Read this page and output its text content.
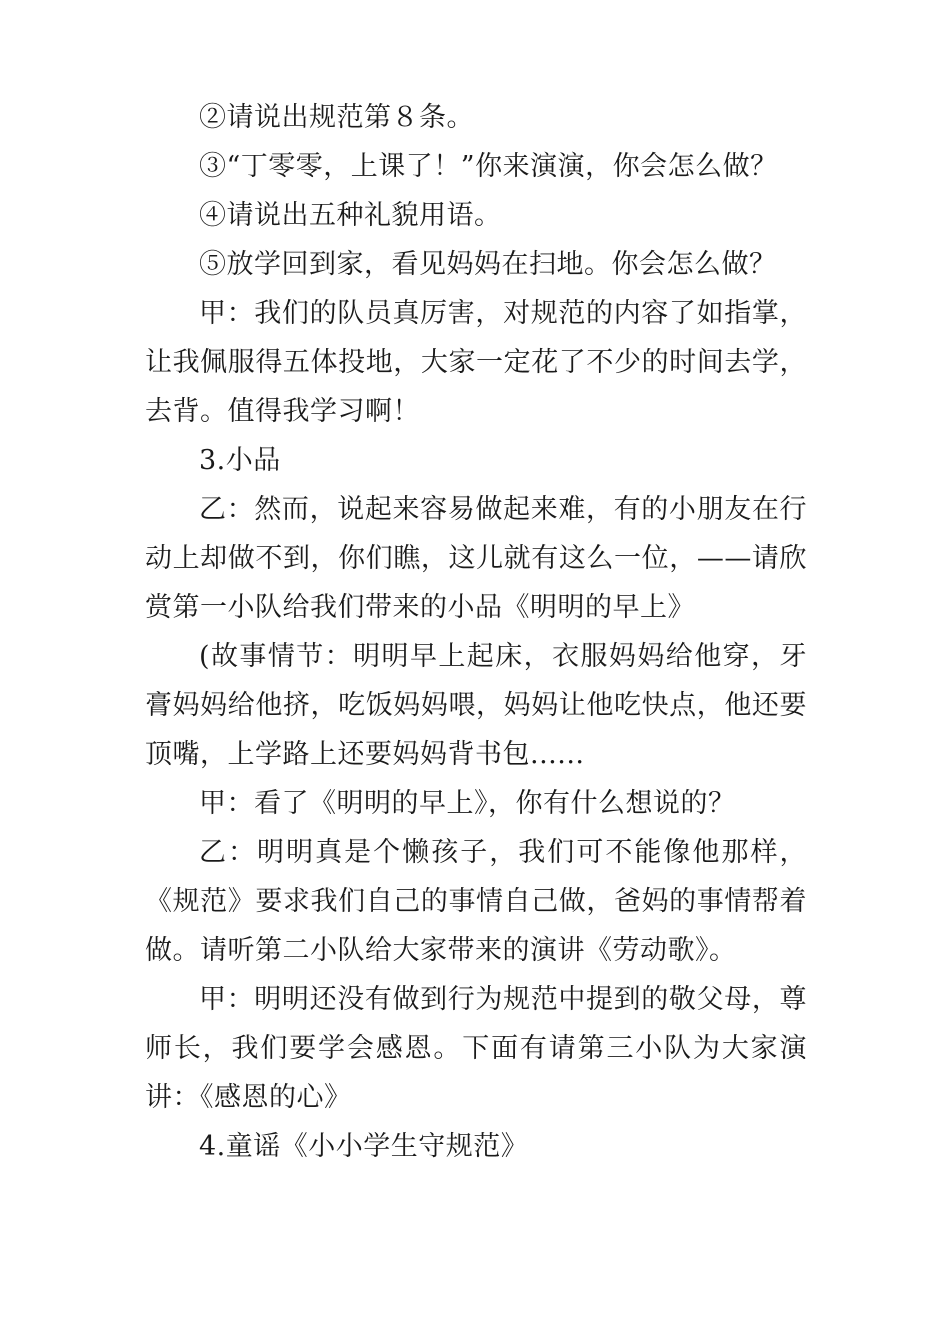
②请说出规范第８条。

③“丁零零，上课了！”你来演演，你会怎么做？

④请说出五种礼貌用语。

⑤放学回到家，看见妈妈在扫地。你会怎么做？

甲：我们的队员真厉害，对规范的内容了如指掌，让我佩服得五体投地，大家一定花了不少的时间去学，去背。值得我学习啊！

3.小品

乙：然而，说起来容易做起来难，有的小朋友在行动上却做不到，你们瞧，这儿就有这么一位，——请欣赏第一小队给我们带来的小品《明明的早上》

(故事情节：明明早上起床，衣服妈妈给他穿，牙膏妈妈给他挤，吃饭妈妈喂，妈妈让他吃快点，他还要顶嘴，上学路上还要妈妈背书包......

甲：看了《明明的早上》，你有什么想说的？

乙：明明真是个懒孩子，我们可不能像他那样，《规范》要求我们自己的事情自己做，爸妈的事情帮着做。请听第二小队给大家带来的演讲《劳动歌》。

甲：明明还没有做到行为规范中提到的敬父母，尊师长，我们要学会感恩。下面有请第三小队为大家演讲：《感恩的心》

4.童谣《小小学生守规范》
